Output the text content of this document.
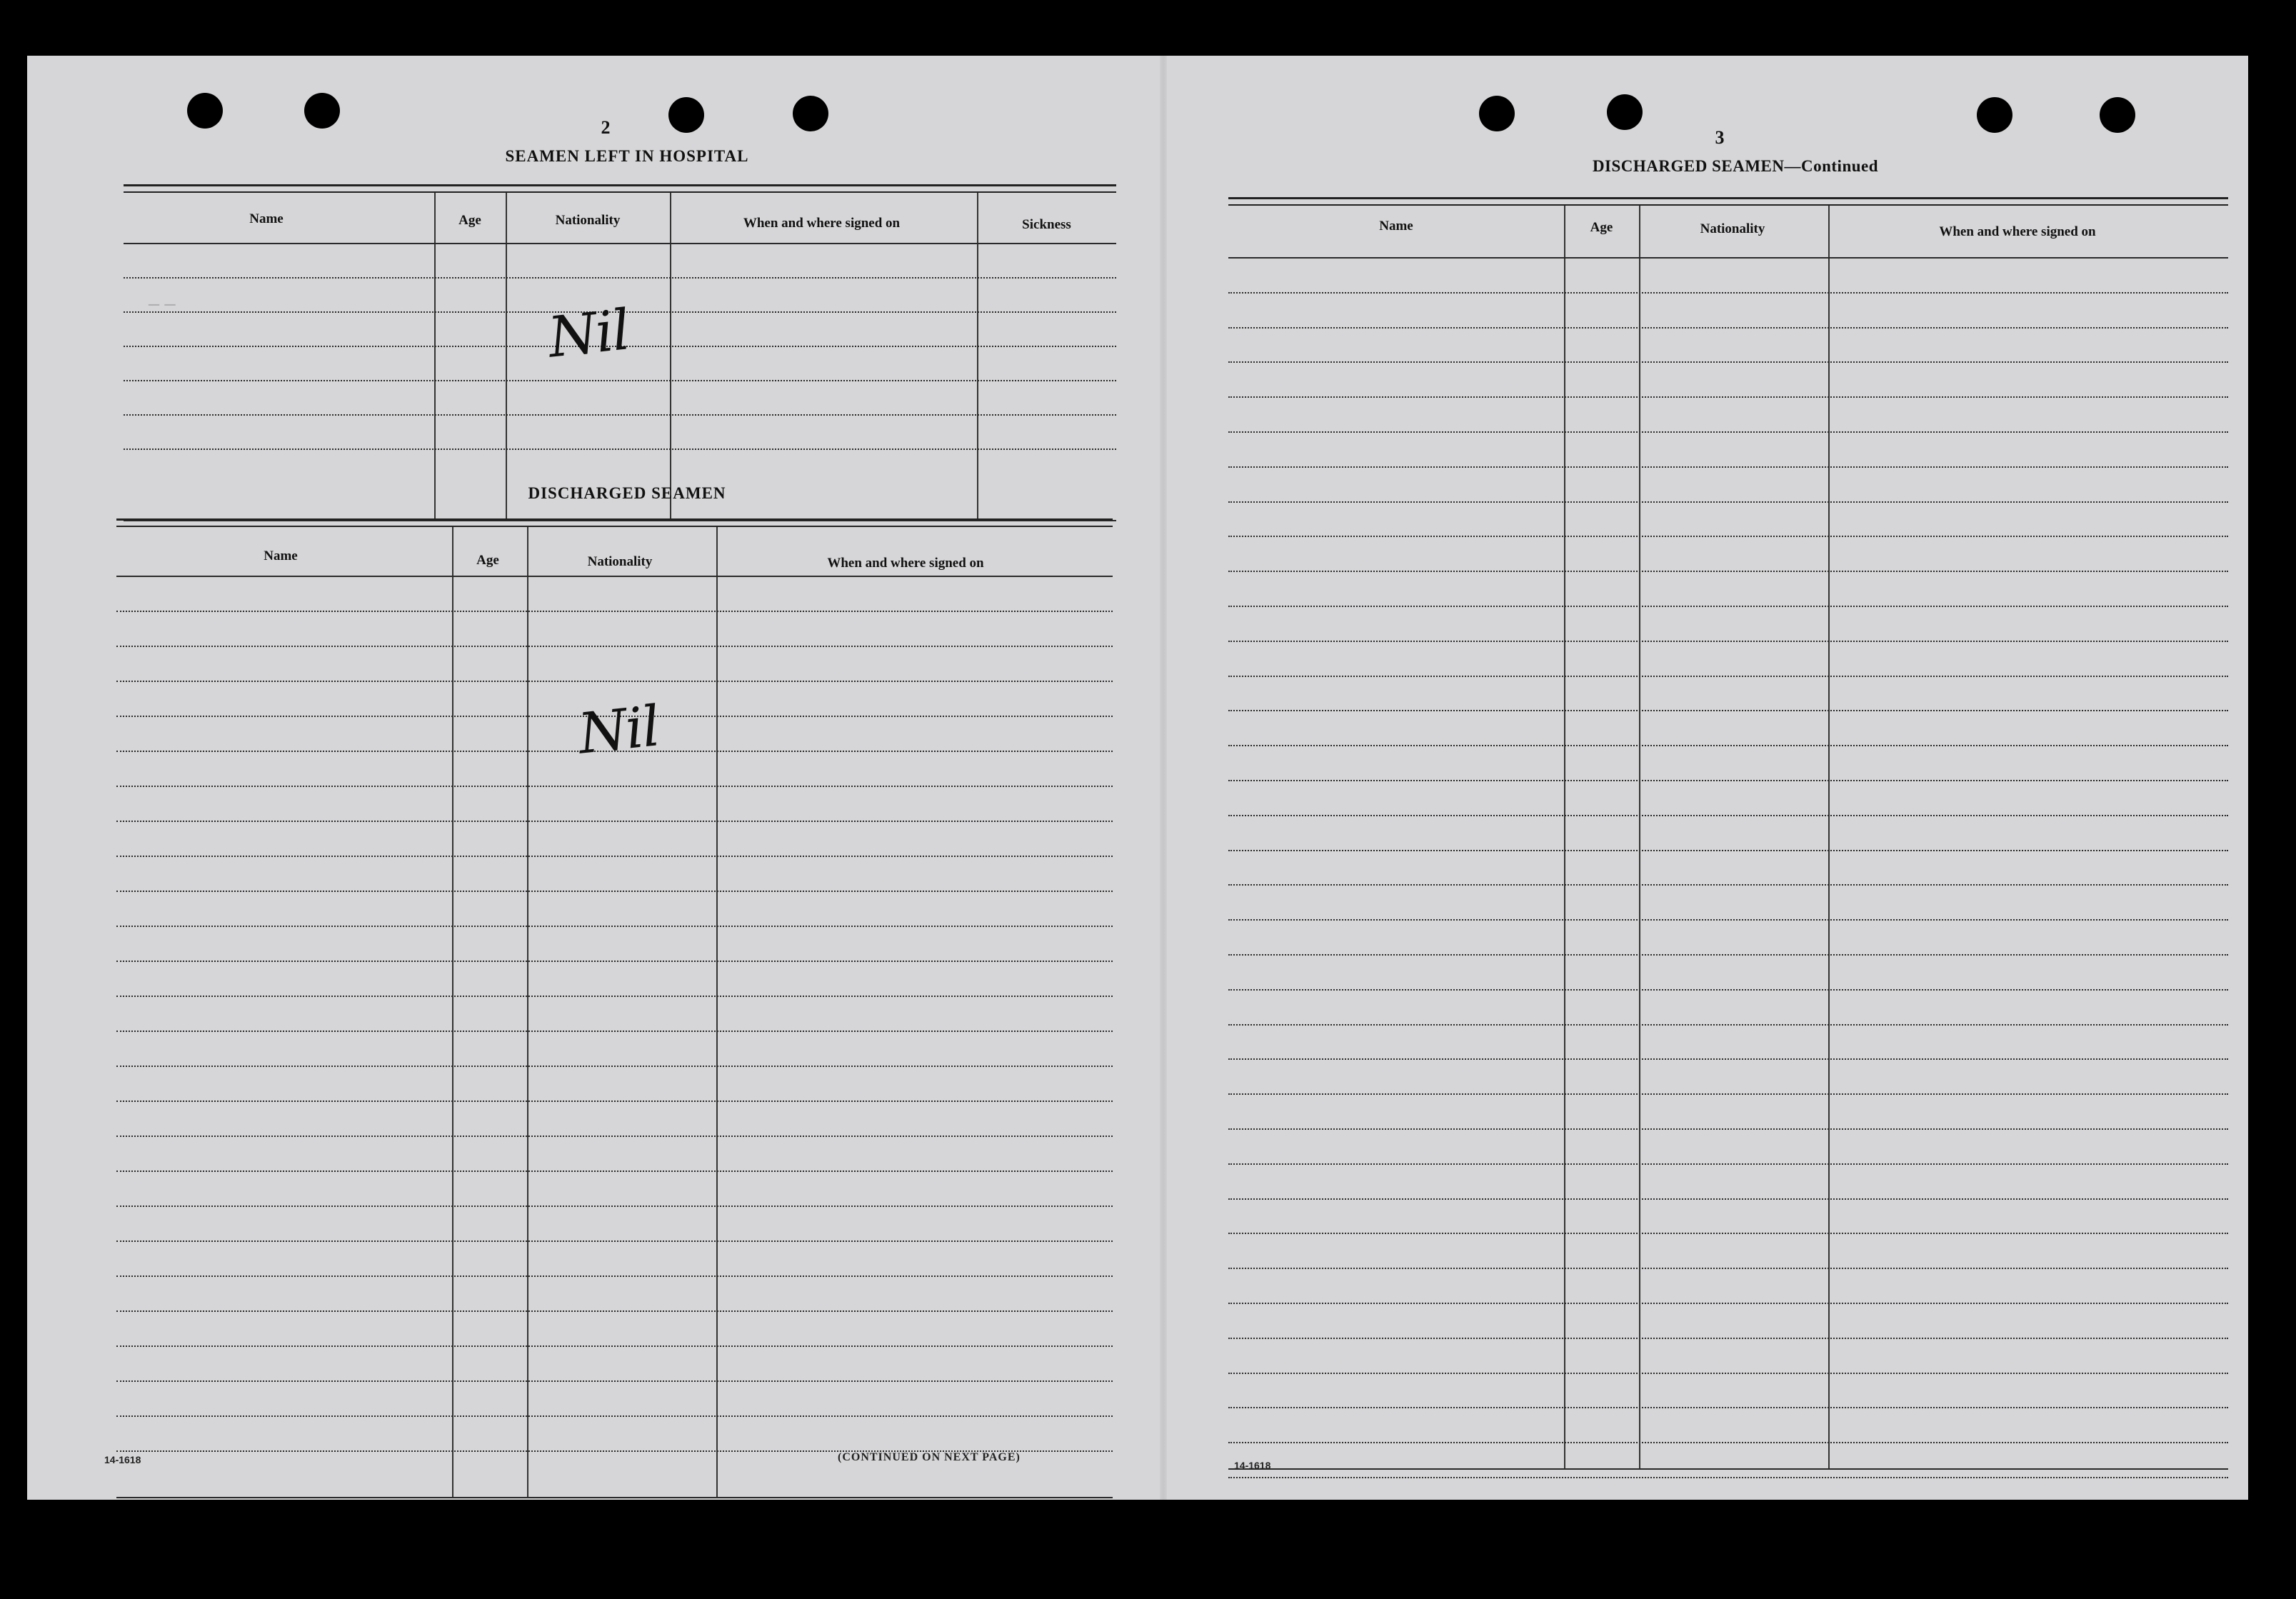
2
– –
SEAMEN LEFT IN HOSPITAL
Name	Age	Nationality	When and where signed on	Sickness
Nil
DISCHARGED SEAMEN
Name	Age	Nationality	When and where signed on
Nil
14-1618	(CONTINUED ON NEXT PAGE)
3
DISCHARGED SEAMEN—Continued
Name	Age	Nationality	When and where signed on
14-1618
